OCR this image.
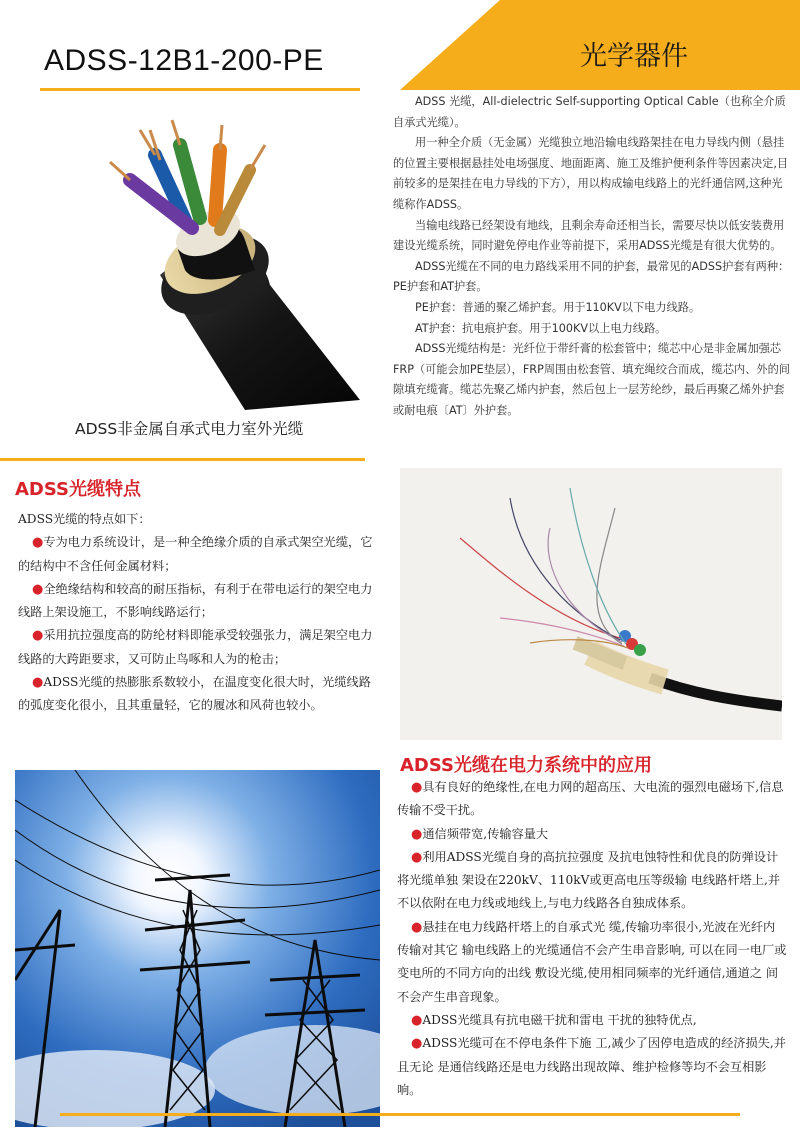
ADSS-12B1-200-PE	光学器件

ADSS 光缆，All-dielectric Self-supporting Optical Cable（也称全介质自承式光缆）。

用一种全介质（无金属）光缆独立地沿输电线路架挂在电力导线内侧（悬挂的位置主要根据悬挂处电场强度、地面距离、施工及维护便利条件等因素决定,目前较多的是架挂在电力导线的下方），用以构成输电线路上的光纤通信网,这种光缆称作ADSS。

当输电线路已经架设有地线，且剩余寿命还相当长，需要尽快以低安装费用建设光缆系统，同时避免停电作业等前提下，采用ADSS光缆是有很大优势的。

ADSS光缆在不同的电力路线采用不同的护套，最常见的ADSS护套有两种：PE护套和AT护套。

PE护套：普通的聚乙烯护套。用于110KV以下电力线路。

AT护套：抗电痕护套。用于100KV以上电力线路。

ADSS光缆结构是：光纤位于带纤膏的松套管中；缆芯中心是非金属加强芯FRP（可能会加PE垫层），FRP周围由松套管、填充绳绞合而成，缆芯内、外的间隙填充缆膏。缆芯先聚乙烯内护套，然后包上一层芳纶纱，最后再聚乙烯外护套或耐电痕〔AT〕外护套。

ADSS非金属自承式电力室外光缆
ADSS光缆特点

ADSS光缆的特点如下：

●专为电力系统设计，是一种全绝缘介质的自承式架空光缆，它的结构中不含任何金属材料；

●全绝缘结构和较高的耐压指标，有利于在带电运行的架空电力线路上架设施工，不影响线路运行；

●采用抗拉强度高的防纶材料即能承受较强张力，满足架空电力线路的大跨距要求，又可防止鸟啄和人为的枪击；

●ADSS光缆的热膨胀系数较小，在温度变化很大时，光缆线路的弧度变化很小，且其重量轻，它的履冰和风荷也较小。

ADSS光缆在电力系统中的应用

●具有良好的绝缘性,在电力网的超高压、大电流的强烈电磁场下,信息传输不受干扰。

●通信频带宽,传输容量大

●利用ADSS光缆自身的高抗拉强度 及抗电蚀特性和优良的防弹设计将光缆单独 架设在220kV、110kV或更高电压等级输 电线路杆塔上,并不以依附在电力线或地线上,与电力线路各自独成体系。

●悬挂在电力线路杆塔上的自承式光 缆,传输功率很小,光波在光纤内传输对其它 输电线路上的光缆通信不会产生串音影响, 可以在同一电厂或变电所的不同方向的出线 敷设光缆,使用相同频率的光纤通信,通道之 间不会产生串音现象。

●ADSS光缆具有抗电磁干扰和雷电 干扰的独特优点,

●ADSS光缆可在不停电条件下施 工,减少了因停电造成的经济损失,并且无论 是通信线路还是电力线路出现故障、维护检修等均不会互相影响。
